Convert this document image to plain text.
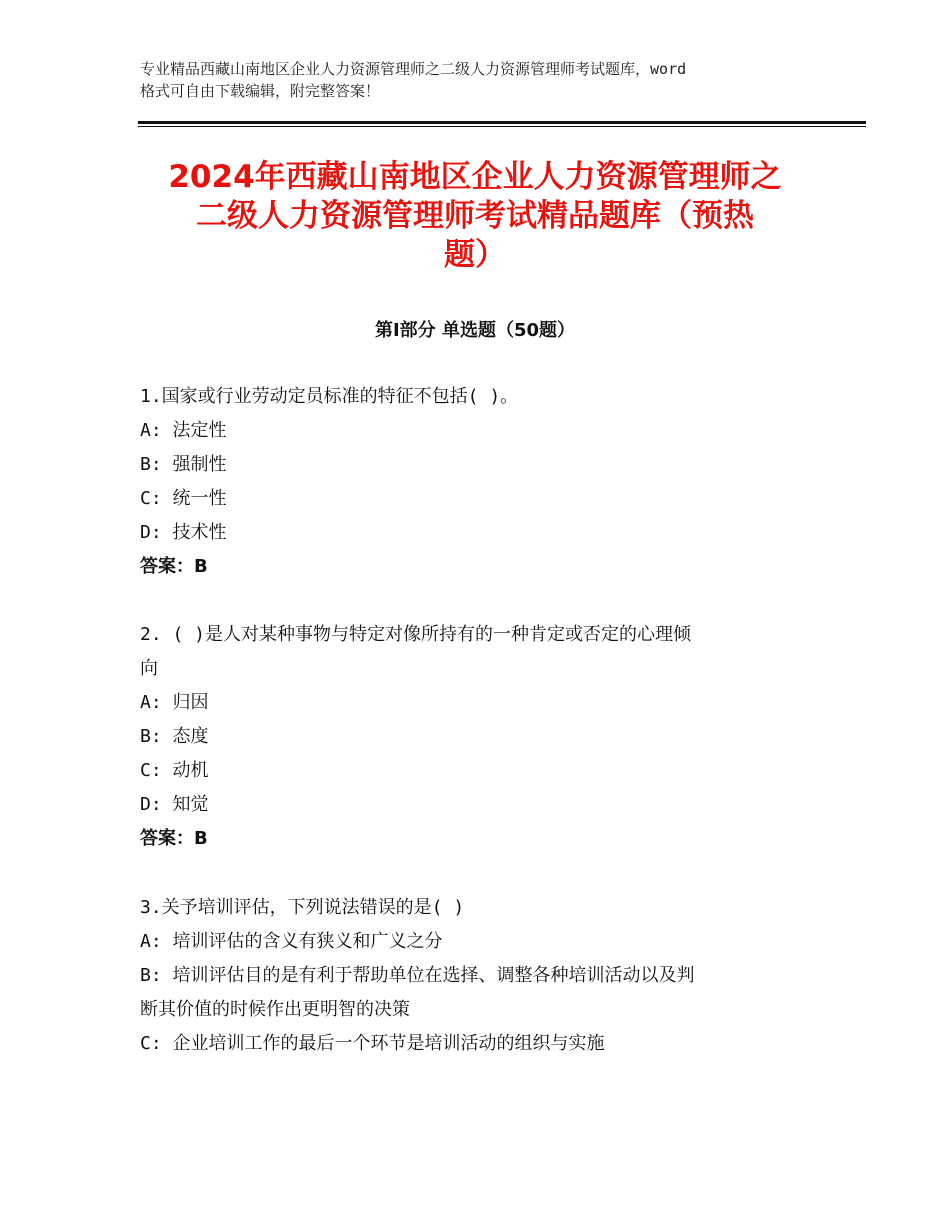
专业精品西藏山南地区企业人力资源管理师之二级人力资源管理师考试题库，word
格式可自由下载编辑，附完整答案！
2024年西藏山南地区企业人力资源管理师之
二级人力资源管理师考试精品题库（预热
题）
第Ⅰ部分 单选题（50题）
1.国家或行业劳动定员标准的特征不包括( )。
A: 法定性
B: 强制性
C: 统一性
D: 技术性
答案：B
2. ( )是人对某种事物与特定对像所持有的一种肯定或否定的心理倾
向
A: 归因
B: 态度
C: 动机
D: 知觉
答案：B
3.关予培训评估，下列说法错误的是( )
A: 培训评估的含义有狭义和广义之分
B: 培训评估目的是有利于帮助单位在选择、调整各种培训活动以及判
断其价值的时候作出更明智的决策
C: 企业培训工作的最后一个环节是培训活动的组织与实施
